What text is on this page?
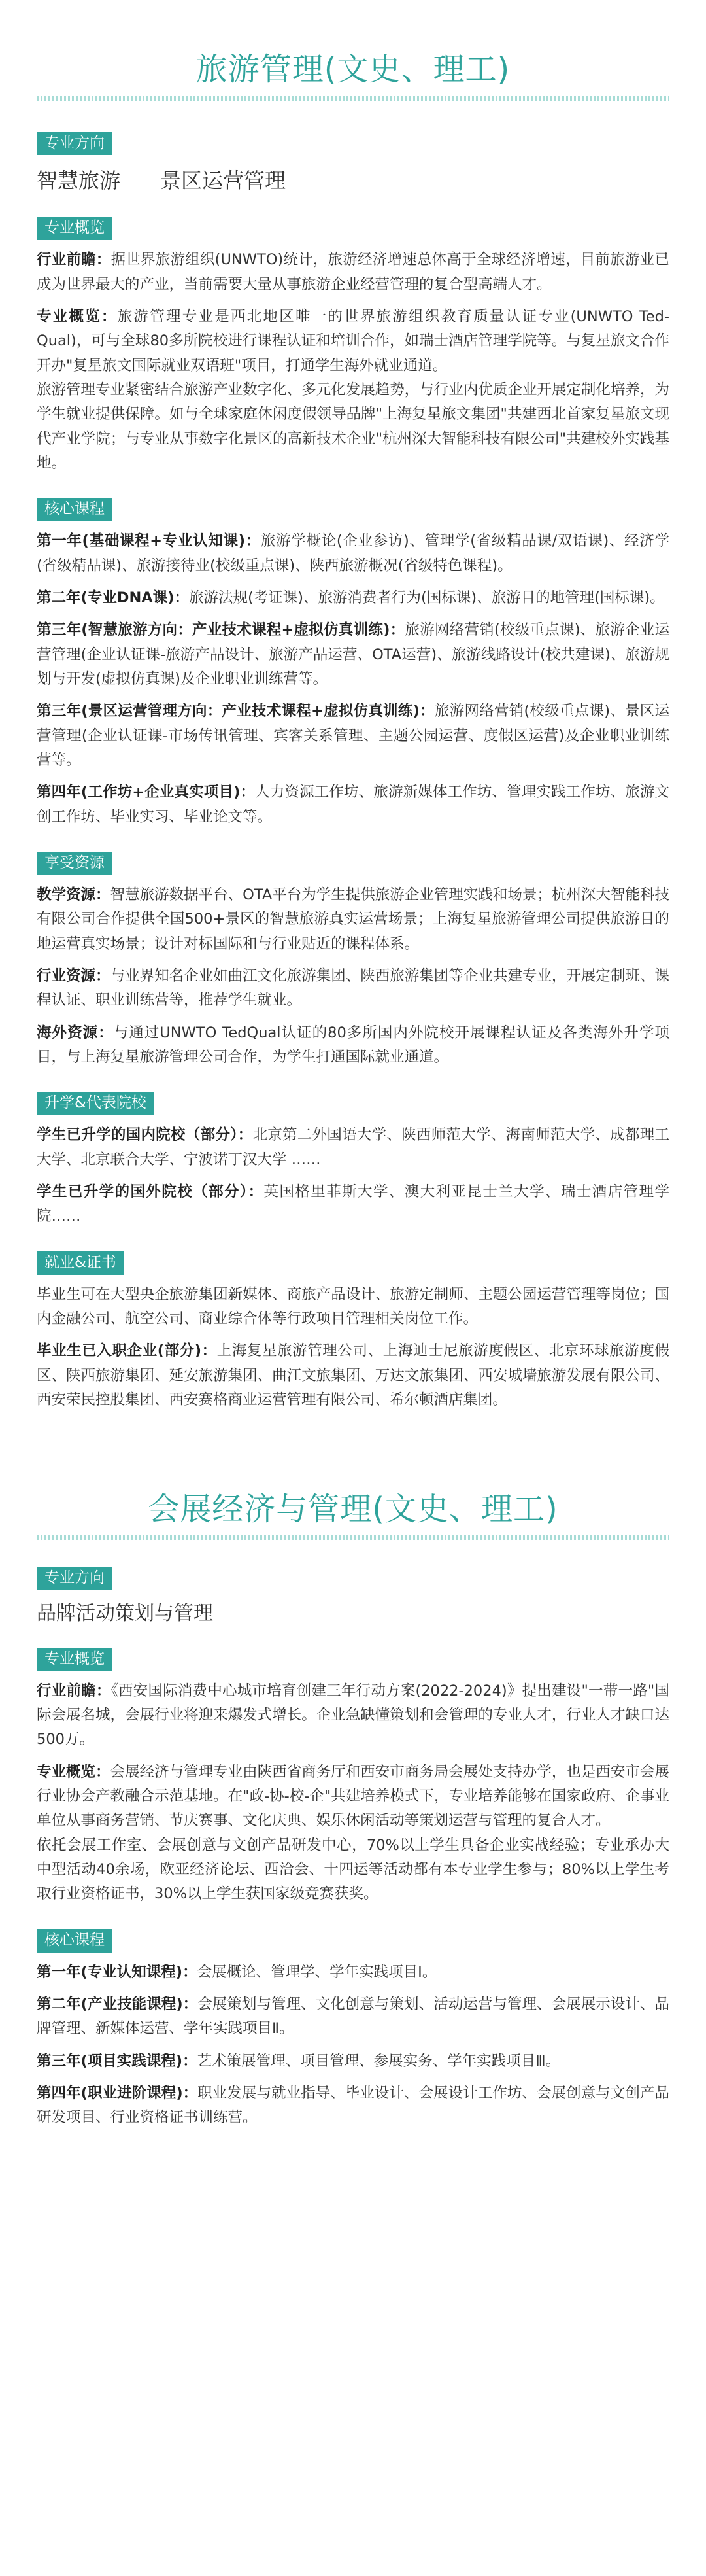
旅游管理(文史、理工)
专业方向
智慧旅游      景区运营管理
专业概览

行业前瞻：据世界旅游组织(UNWTO)统计，旅游经济增速总体高于全球经济增速，目前旅游业已成为世界最大的产业，当前需要大量从事旅游企业经营管理的复合型高端人才。

专业概览：旅游管理专业是西北地区唯一的世界旅游组织教育质量认证专业(UNWTO Ted-Qual)，可与全球80多所院校进行课程认证和培训合作，如瑞士酒店管理学院等。与复星旅文合作开办"复星旅文国际就业双语班"项目，打通学生海外就业通道。

旅游管理专业紧密结合旅游产业数字化、多元化发展趋势，与行业内优质企业开展定制化培养，为学生就业提供保障。如与全球家庭休闲度假领导品牌"上海复星旅文集团"共建西北首家复星旅文现代产业学院；与专业从事数字化景区的高新技术企业"杭州深大智能科技有限公司"共建校外实践基地。

核心课程

第一年(基础课程+专业认知课)：旅游学概论(企业参访)、管理学(省级精品课/双语课)、经济学(省级精品课)、旅游接待业(校级重点课)、陕西旅游概况(省级特色课程)。

第二年(专业DNA课)：旅游法规(考证课)、旅游消费者行为(国标课)、旅游目的地管理(国标课)。

第三年(智慧旅游方向：产业技术课程+虚拟仿真训练)：旅游网络营销(校级重点课)、旅游企业运营管理(企业认证课-旅游产品设计、旅游产品运营、OTA运营)、旅游线路设计(校共建课)、旅游规划与开发(虚拟仿真课)及企业职业训练营等。

第三年(景区运营管理方向：产业技术课程+虚拟仿真训练)：旅游网络营销(校级重点课)、景区运营管理(企业认证课-市场传讯管理、宾客关系管理、主题公园运营、度假区运营)及企业职业训练营等。

第四年(工作坊+企业真实项目)：人力资源工作坊、旅游新媒体工作坊、管理实践工作坊、旅游文创工作坊、毕业实习、毕业论文等。

享受资源

教学资源：智慧旅游数据平台、OTA平台为学生提供旅游企业管理实践和场景；杭州深大智能科技有限公司合作提供全国500+景区的智慧旅游真实运营场景；上海复星旅游管理公司提供旅游目的地运营真实场景；设计对标国际和与行业贴近的课程体系。

行业资源：与业界知名企业如曲江文化旅游集团、陕西旅游集团等企业共建专业，开展定制班、课程认证、职业训练营等，推荐学生就业。

海外资源：与通过UNWTO TedQual认证的80多所国内外院校开展课程认证及各类海外升学项目，与上海复星旅游管理公司合作，为学生打通国际就业通道。

升学&代表院校

学生已升学的国内院校（部分）：北京第二外国语大学、陕西师范大学、海南师范大学、成都理工大学、北京联合大学、宁波诺丁汉大学 ……

学生已升学的国外院校（部分）：英国格里菲斯大学、澳大利亚昆士兰大学、瑞士酒店管理学院……

就业&证书

毕业生可在大型央企旅游集团新媒体、商旅产品设计、旅游定制师、主题公园运营管理等岗位；国内金融公司、航空公司、商业综合体等行政项目管理相关岗位工作。

毕业生已入职企业(部分)：上海复星旅游管理公司、上海迪士尼旅游度假区、北京环球旅游度假区、陕西旅游集团、延安旅游集团、曲江文旅集团、万达文旅集团、西安城墙旅游发展有限公司、西安荣民控股集团、西安赛格商业运营管理有限公司、希尔顿酒店集团。

会展经济与管理(文史、理工)
专业方向
品牌活动策划与管理
专业概览

行业前瞻：《西安国际消费中心城市培育创建三年行动方案(2022-2024)》提出建设"一带一路"国际会展名城，会展行业将迎来爆发式增长。企业急缺懂策划和会管理的专业人才，行业人才缺口达500万。

专业概览：会展经济与管理专业由陕西省商务厅和西安市商务局会展处支持办学，也是西安市会展行业协会产教融合示范基地。在"政-协-校-企"共建培养模式下，专业培养能够在国家政府、企事业单位从事商务营销、节庆赛事、文化庆典、娱乐休闲活动等策划运营与管理的复合人才。

依托会展工作室、会展创意与文创产品研发中心，70%以上学生具备企业实战经验；专业承办大中型活动40余场，欧亚经济论坛、西洽会、十四运等活动都有本专业学生参与；80%以上学生考取行业资格证书，30%以上学生获国家级竞赛获奖。

核心课程

第一年(专业认知课程)：会展概论、管理学、学年实践项目Ⅰ。

第二年(产业技能课程)：会展策划与管理、文化创意与策划、活动运营与管理、会展展示设计、品牌管理、新媒体运营、学年实践项目Ⅱ。

第三年(项目实践课程)：艺术策展管理、项目管理、参展实务、学年实践项目Ⅲ。

第四年(职业进阶课程)：职业发展与就业指导、毕业设计、会展设计工作坊、会展创意与文创产品研发项目、行业资格证书训练营。
